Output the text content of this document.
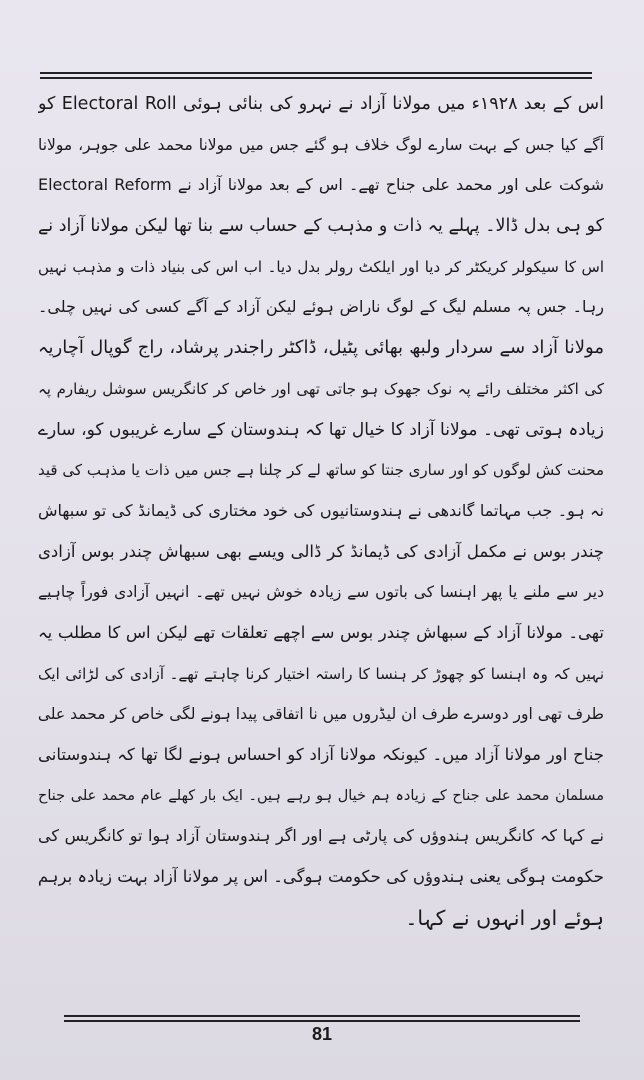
اس کے بعد ۱۹۲۸ء میں مولانا آزاد نے نہرو کی بنائی ہوئی Electoral Roll کو
آگے کیا جس کے بہت سارے لوگ خلاف ہو گئے جس میں مولانا محمد علی جوہر، مولانا
شوکت علی اور محمد علی جناح تھے۔ اس کے بعد مولانا آزاد نے Electoral Reform
کو ہی بدل ڈالا۔ پہلے یہ ذات و مذہب کے حساب سے بنا تھا لیکن مولانا آزاد نے
اس کا سیکولر کریکٹر کر دیا اور ایلکٹ رولر بدل دیا۔ اب اس کی بنیاد ذات و مذہب نہیں
رہا۔ جس پہ مسلم لیگ کے لوگ ناراض ہوئے لیکن آزاد کے آگے کسی کی نہیں چلی۔
مولانا آزاد سے سردار ولبھ بھائی پٹیل، ڈاکٹر راجندر پرشاد، راج گوپال آچاریہ
کی اکثر مختلف رائے پہ نوک جھوک ہو جاتی تھی اور خاص کر کانگریس سوشل ریفارم پہ
زیادہ ہوتی تھی۔ مولانا آزاد کا خیال تھا کہ ہندوستان کے سارے غریبوں کو، سارے
محنت کش لوگوں کو اور ساری جنتا کو ساتھ لے کر چلنا ہے جس میں ذات یا مذہب کی قید
نہ ہو۔ جب مہاتما گاندھی نے ہندوستانیوں کی خود مختاری کی ڈیمانڈ کی تو سبھاش
چندر بوس نے مکمل آزادی کی ڈیمانڈ کر ڈالی ویسے بھی سبھاش چندر بوس آزادی
دیر سے ملنے یا پھر اہنسا کی باتوں سے زیادہ خوش نہیں تھے۔ انہیں آزادی فوراً چاہیے
تھی۔ مولانا آزاد کے سبھاش چندر بوس سے اچھے تعلقات تھے لیکن اس کا مطلب یہ
نہیں کہ وہ اہنسا کو چھوڑ کر ہنسا کا راستہ اختیار کرنا چاہتے تھے۔ آزادی کی لڑائی ایک
طرف تھی اور دوسرے طرف ان لیڈروں میں نا اتفاقی پیدا ہونے لگی خاص کر محمد علی
جناح اور مولانا آزاد میں۔ کیونکہ مولانا آزاد کو احساس ہونے لگا تھا کہ ہندوستانی
مسلمان محمد علی جناح کے زیادہ ہم خیال ہو رہے ہیں۔ ایک بار کھلے عام محمد علی جناح
نے کہا کہ کانگریس ہندوؤں کی پارٹی ہے اور اگر ہندوستان آزاد ہوا تو کانگریس کی
حکومت ہوگی یعنی ہندوؤں کی حکومت ہوگی۔ اس پر مولانا آزاد بہت زیادہ برہم
ہوئے اور انہوں نے کہا۔
81
